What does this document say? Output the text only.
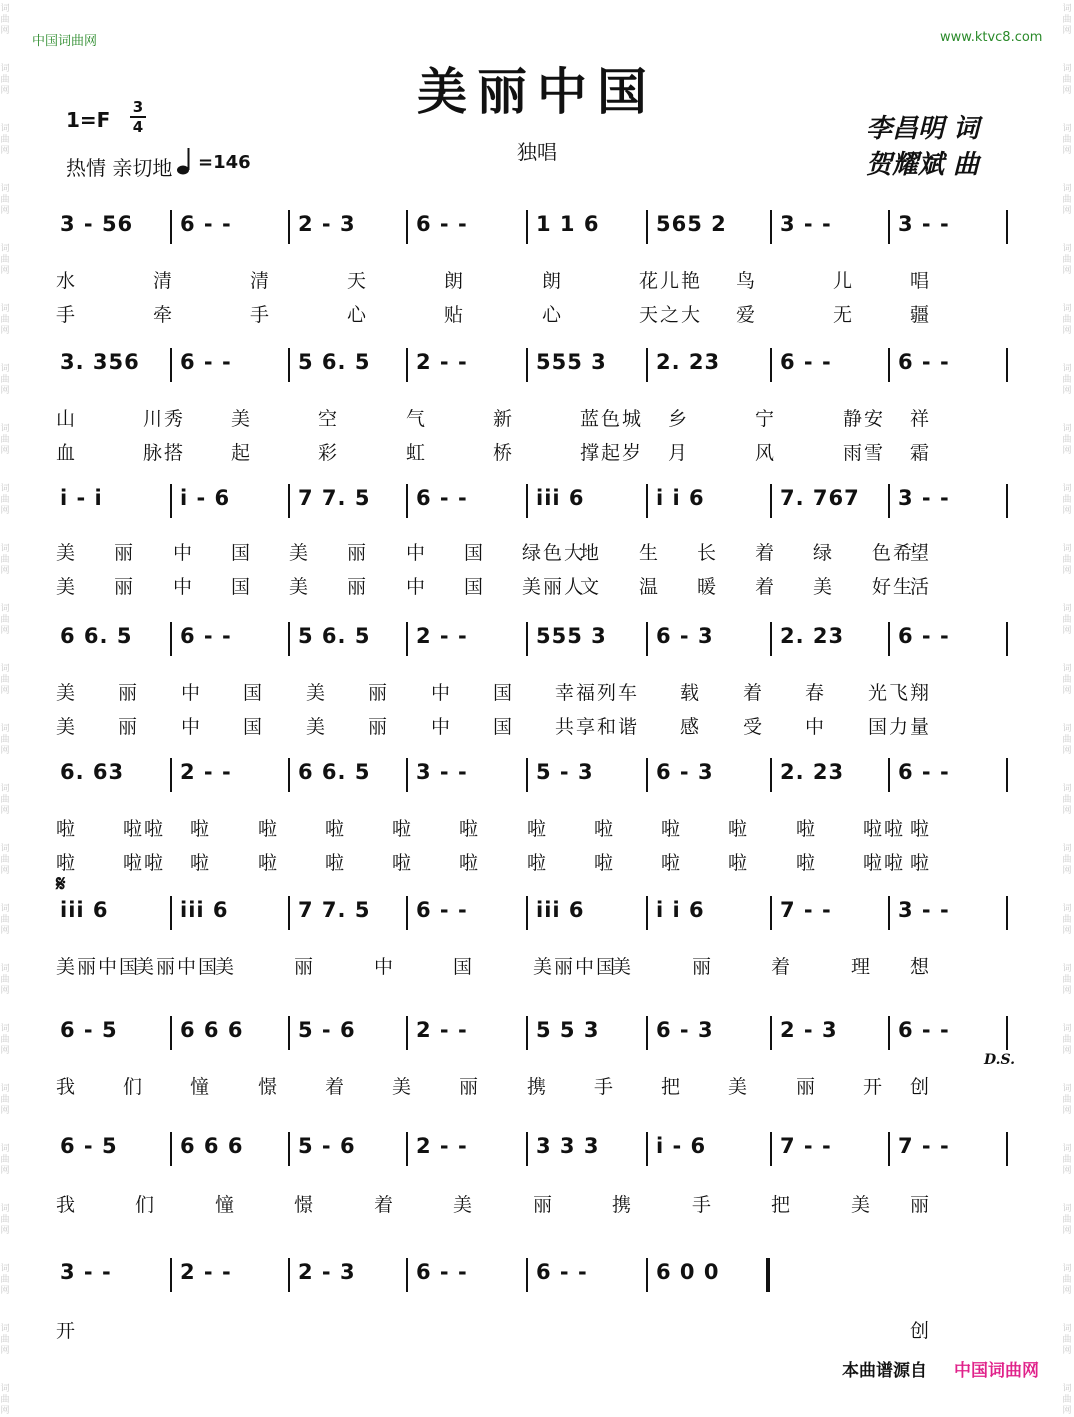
中国词曲网	www.ktvc8.com
美丽中国
1=F
3
4
热情 亲切地 =146	独唱
李昌明 词
贺耀斌 曲
3 - 56 6 - -	2 - 3	6 - -	1 1 6	565 2	3 - -	3 - -
水	清	清	天	朗	朗	花儿艳 鸟	儿	唱
手	牵	手	心	贴	心	天之大 爱	无	疆
3. 356 6 - -	5 6. 5 2 - -	555 3 2. 23	6 - -	6 - -
山	川秀 美	空	气	新	蓝色城 乡	宁	静安 祥
血	脉搭 起	彩	虹	桥	撑起岁 月	风	雨雪 霜
i - i	i - 6	7 7. 5 6 - -	iii 6	i i 6	7. 767 3 - -
美 丽 中 国 美 丽 中 国 绿色大
地 生 长 着 绿 色希
望
美 丽 中 国 美 丽 中 国 美丽人
文 温 暖 着 美 好生
活
6 6. 5 6 - -	5 6. 5 2 - -	555 3 6 - 3	2. 23	6 - -
美 丽 中 国 美 丽 中 国 幸福列 车 载 着 春 光飞 翔
美 丽 中 国 美 丽 中 国 共享和 谐 感 受 中 国力 量
6. 63	2 - -	6 6. 5 3 - -	5 - 3	6 - 3	2. 23	6 - -
啦 啦啦 啦 啦 啦 啦 啦 啦 啦 啦 啦 啦 啦啦 啦
啦 啦啦 啦 啦 啦 啦 啦 啦 啦 啦 啦 啦 啦啦 啦
iii 6	iii 6	7 7. 5 6 - -	iii 6	i i 6	7 - -	3 - -
美丽中国
美丽中国
美	丽	中	国	美丽中国
美	丽	着	理 想
6 - 5	6 6 6	5 - 6	2 - -	5 5 3	6 - 3	2 - 3	6 - -
我 们 憧 憬 着 美 丽 携 手 把 美 丽 开 创
6 - 5	6 6 6	5 - 6	2 - -	3 3 3	i - 6	7 - -	7 - -
我	们	憧	憬	着	美	丽	携	手	把	美 丽
3 - -	2 - -	2 - 3	6 - -	6 - -	6 0 0
开	创
𝄋
D.S.
本曲谱源自 中国词曲网
词
曲
网
词
曲
网
词
曲
网
词
曲
网
词
曲
网
词
曲
网
词
曲
网
词
曲
网
词
曲
网
词
曲
网
词
曲
网
词
曲
网
词
曲
网
词
曲
网
词
曲
网
词
曲
网
词
曲
网
词
曲
网
词
曲
网
词
曲
网
词
曲
网
词
曲
网
词
曲
网
词
曲
网
词
曲
网
词
曲
网
词
曲
网
词
曲
网
词
曲
网
词
曲
网
词
曲
网
词
曲
网
词
曲
网
词
曲
网
词
曲
网
词
曲
网
词
曲
网
词
曲
网
词
曲
网
词
曲
网
词
曲
网
词
曲
网
词
曲
网
词
曲
网
词
曲
网
词
曲
网
词
曲
网
词
曲
网
